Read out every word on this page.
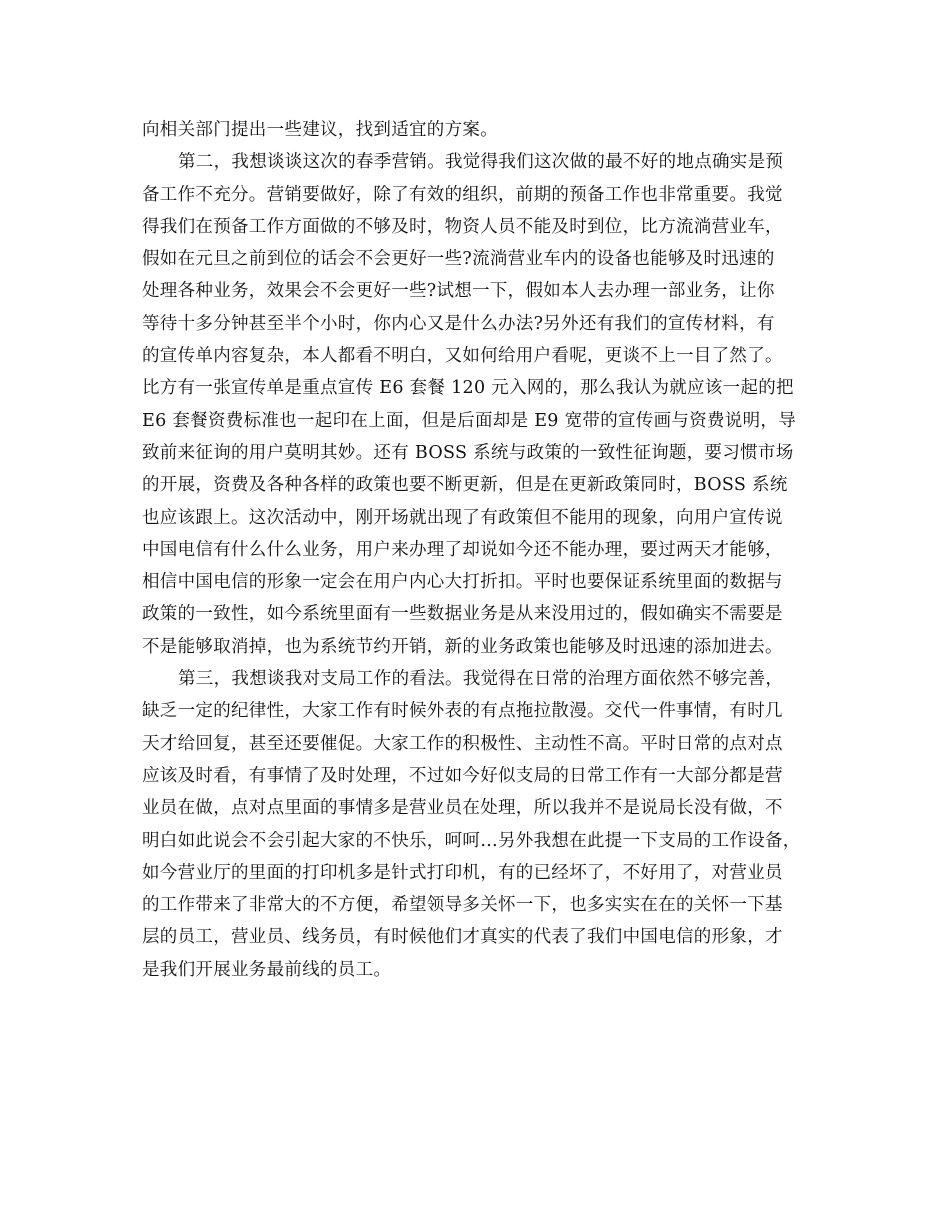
向相关部门提出一些建议，找到适宜的方案。
第二，我想谈谈这次的春季营销。我觉得我们这次做的最不好的地点确实是预
备工作不充分。营销要做好，除了有效的组织，前期的预备工作也非常重要。我觉
得我们在预备工作方面做的不够及时，物资人员不能及时到位，比方流淌营业车，
假如在元旦之前到位的话会不会更好一些?流淌营业车内的设备也能够及时迅速的
处理各种业务，效果会不会更好一些?试想一下，假如本人去办理一部业务，让你
等待十多分钟甚至半个小时，你内心又是什么办法?另外还有我们的宣传材料，有
的宣传单内容复杂，本人都看不明白，又如何给用户看呢，更谈不上一目了然了。
比方有一张宣传单是重点宣传 E6 套餐 120 元入网的，那么我认为就应该一起的把
E6 套餐资费标准也一起印在上面，但是后面却是 E9 宽带的宣传画与资费说明，导
致前来征询的用户莫明其妙。还有 BOSS 系统与政策的一致性征询题，要习惯市场
的开展，资费及各种各样的政策也要不断更新，但是在更新政策同时，BOSS 系统
也应该跟上。这次活动中，刚开场就出现了有政策但不能用的现象，向用户宣传说
中国电信有什么什么业务，用户来办理了却说如今还不能办理，要过两天才能够，
相信中国电信的形象一定会在用户内心大打折扣。平时也要保证系统里面的数据与
政策的一致性，如今系统里面有一些数据业务是从来没用过的，假如确实不需要是
不是能够取消掉，也为系统节约开销，新的业务政策也能够及时迅速的添加进去。
第三，我想谈我对支局工作的看法。我觉得在日常的治理方面依然不够完善，
缺乏一定的纪律性，大家工作有时候外表的有点拖拉散漫。交代一件事情，有时几
天才给回复，甚至还要催促。大家工作的积极性、主动性不高。平时日常的点对点
应该及时看，有事情了及时处理，不过如今好似支局的日常工作有一大部分都是营
业员在做，点对点里面的事情多是营业员在处理，所以我并不是说局长没有做，不
明白如此说会不会引起大家的不快乐，呵呵…另外我想在此提一下支局的工作设备，
如今营业厅的里面的打印机多是针式打印机，有的已经坏了，不好用了，对营业员
的工作带来了非常大的不方便，希望领导多关怀一下，也多实实在在的关怀一下基
层的员工，营业员、线务员，有时候他们才真实的代表了我们中国电信的形象，才
是我们开展业务最前线的员工。
